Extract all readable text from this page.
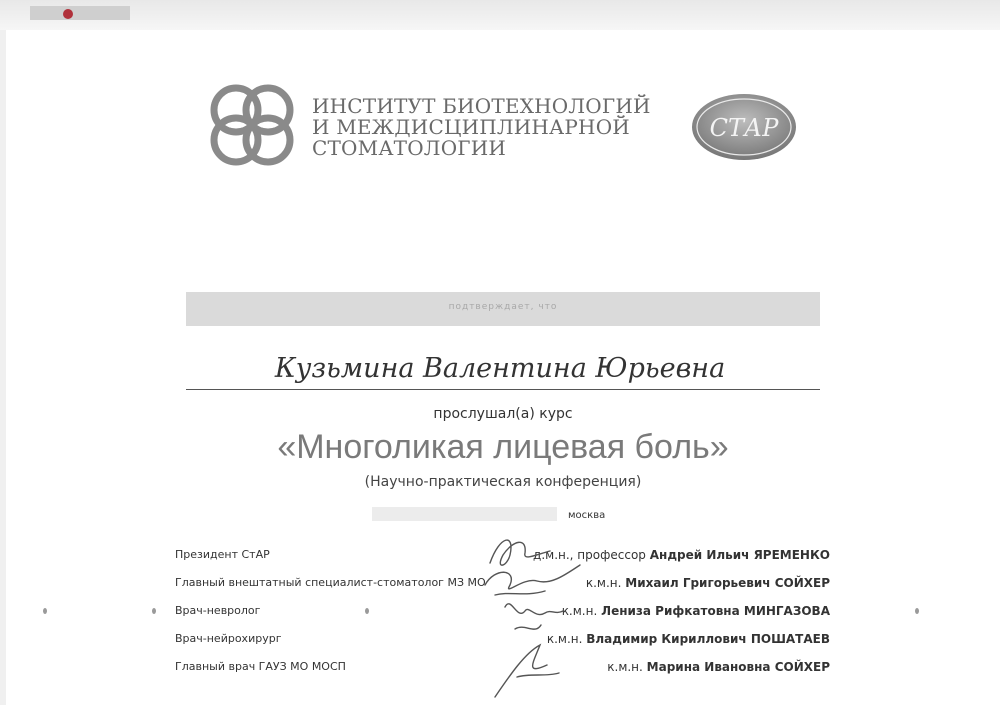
ИНСТИТУТ БИОТЕХНОЛОГИЙ
И МЕЖДИСЦИПЛИНАРНОЙ
СТОМАТОЛОГИИ
СТАР
подтверждает, что
Кузьмина Валентина Юрьевна
прослушал(а) курс
«Многоликая лицевая боль»
(Научно-практическая конференция)
москва
Президент СтАР	д.м.н., профессор Андрей Ильич ЯРЕМЕНКО
Главный внештатный специалист-стоматолог МЗ МО	к.м.н. Михаил Григорьевич СОЙХЕР
Врач-невролог	к.м.н. Лениза Рифкатовна МИНГАЗОВА
Врач-нейрохирург	к.м.н. Владимир Кириллович ПОШАТАЕВ
Главный врач ГАУЗ МО МОСП	к.м.н. Марина Ивановна СОЙХЕР
